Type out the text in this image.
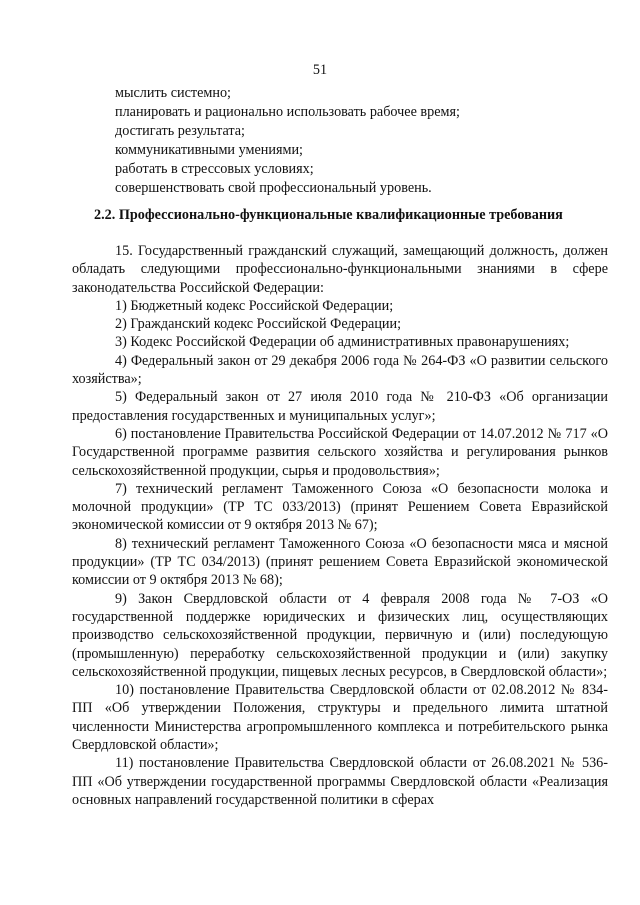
51
мыслить системно;
планировать и рационально использовать рабочее время;
достигать результата;
коммуникативными умениями;
работать в стрессовых условиях;
совершенствовать свой профессиональный уровень.
2.2. Профессионально-функциональные квалификационные требования

15. Государственный гражданский служащий, замещающий должность, должен обладать следующими профессионально-функциональными знаниями в сфере законодательства Российской Федерации:

1) Бюджетный кодекс Российской Федерации;

2) Гражданский кодекс Российской Федерации;

3) Кодекс Российской Федерации об административных правонарушениях;

4) Федеральный закон от 29 декабря 2006 года № 264-ФЗ «О развитии сельского хозяйства»;

5) Федеральный закон от 27 июля 2010 года № 210-ФЗ «Об организации предоставления государственных и муниципальных услуг»;

6) постановление Правительства Российской Федерации от 14.07.2012 № 717 «О Государственной программе развития сельского хозяйства и регулирования рынков сельскохозяйственной продукции, сырья и продовольствия»;

7) технический регламент Таможенного Союза «О безопасности молока и молочной продукции» (ТР ТС 033/2013) (принят Решением Совета Евразийской экономической комиссии от 9 октября 2013 № 67);

8) технический регламент Таможенного Союза «О безопасности мяса и мясной продукции» (ТР ТС 034/2013) (принят решением Совета Евразийской экономической комиссии от 9 октября 2013 № 68);

9) Закон Свердловской области от 4 февраля 2008 года № 7-ОЗ «О государственной поддержке юридических и физических лиц, осуществляющих производство сельскохозяйственной продукции, первичную и (или) последующую (промышленную) переработку сельскохозяйственной продукции и (или) закупку сельскохозяйственной продукции, пищевых лесных ресурсов, в Свердловской области»;

10) постановление Правительства Свердловской области от 02.08.2012 № 834-ПП «Об утверждении Положения, структуры и предельного лимита штатной численности Министерства агропромышленного комплекса и потребительского рынка Свердловской области»;

11) постановление Правительства Свердловской области от 26.08.2021 № 536-ПП «Об утверждении государственной программы Свердловской области «Реализация основных направлений государственной политики в сферах
